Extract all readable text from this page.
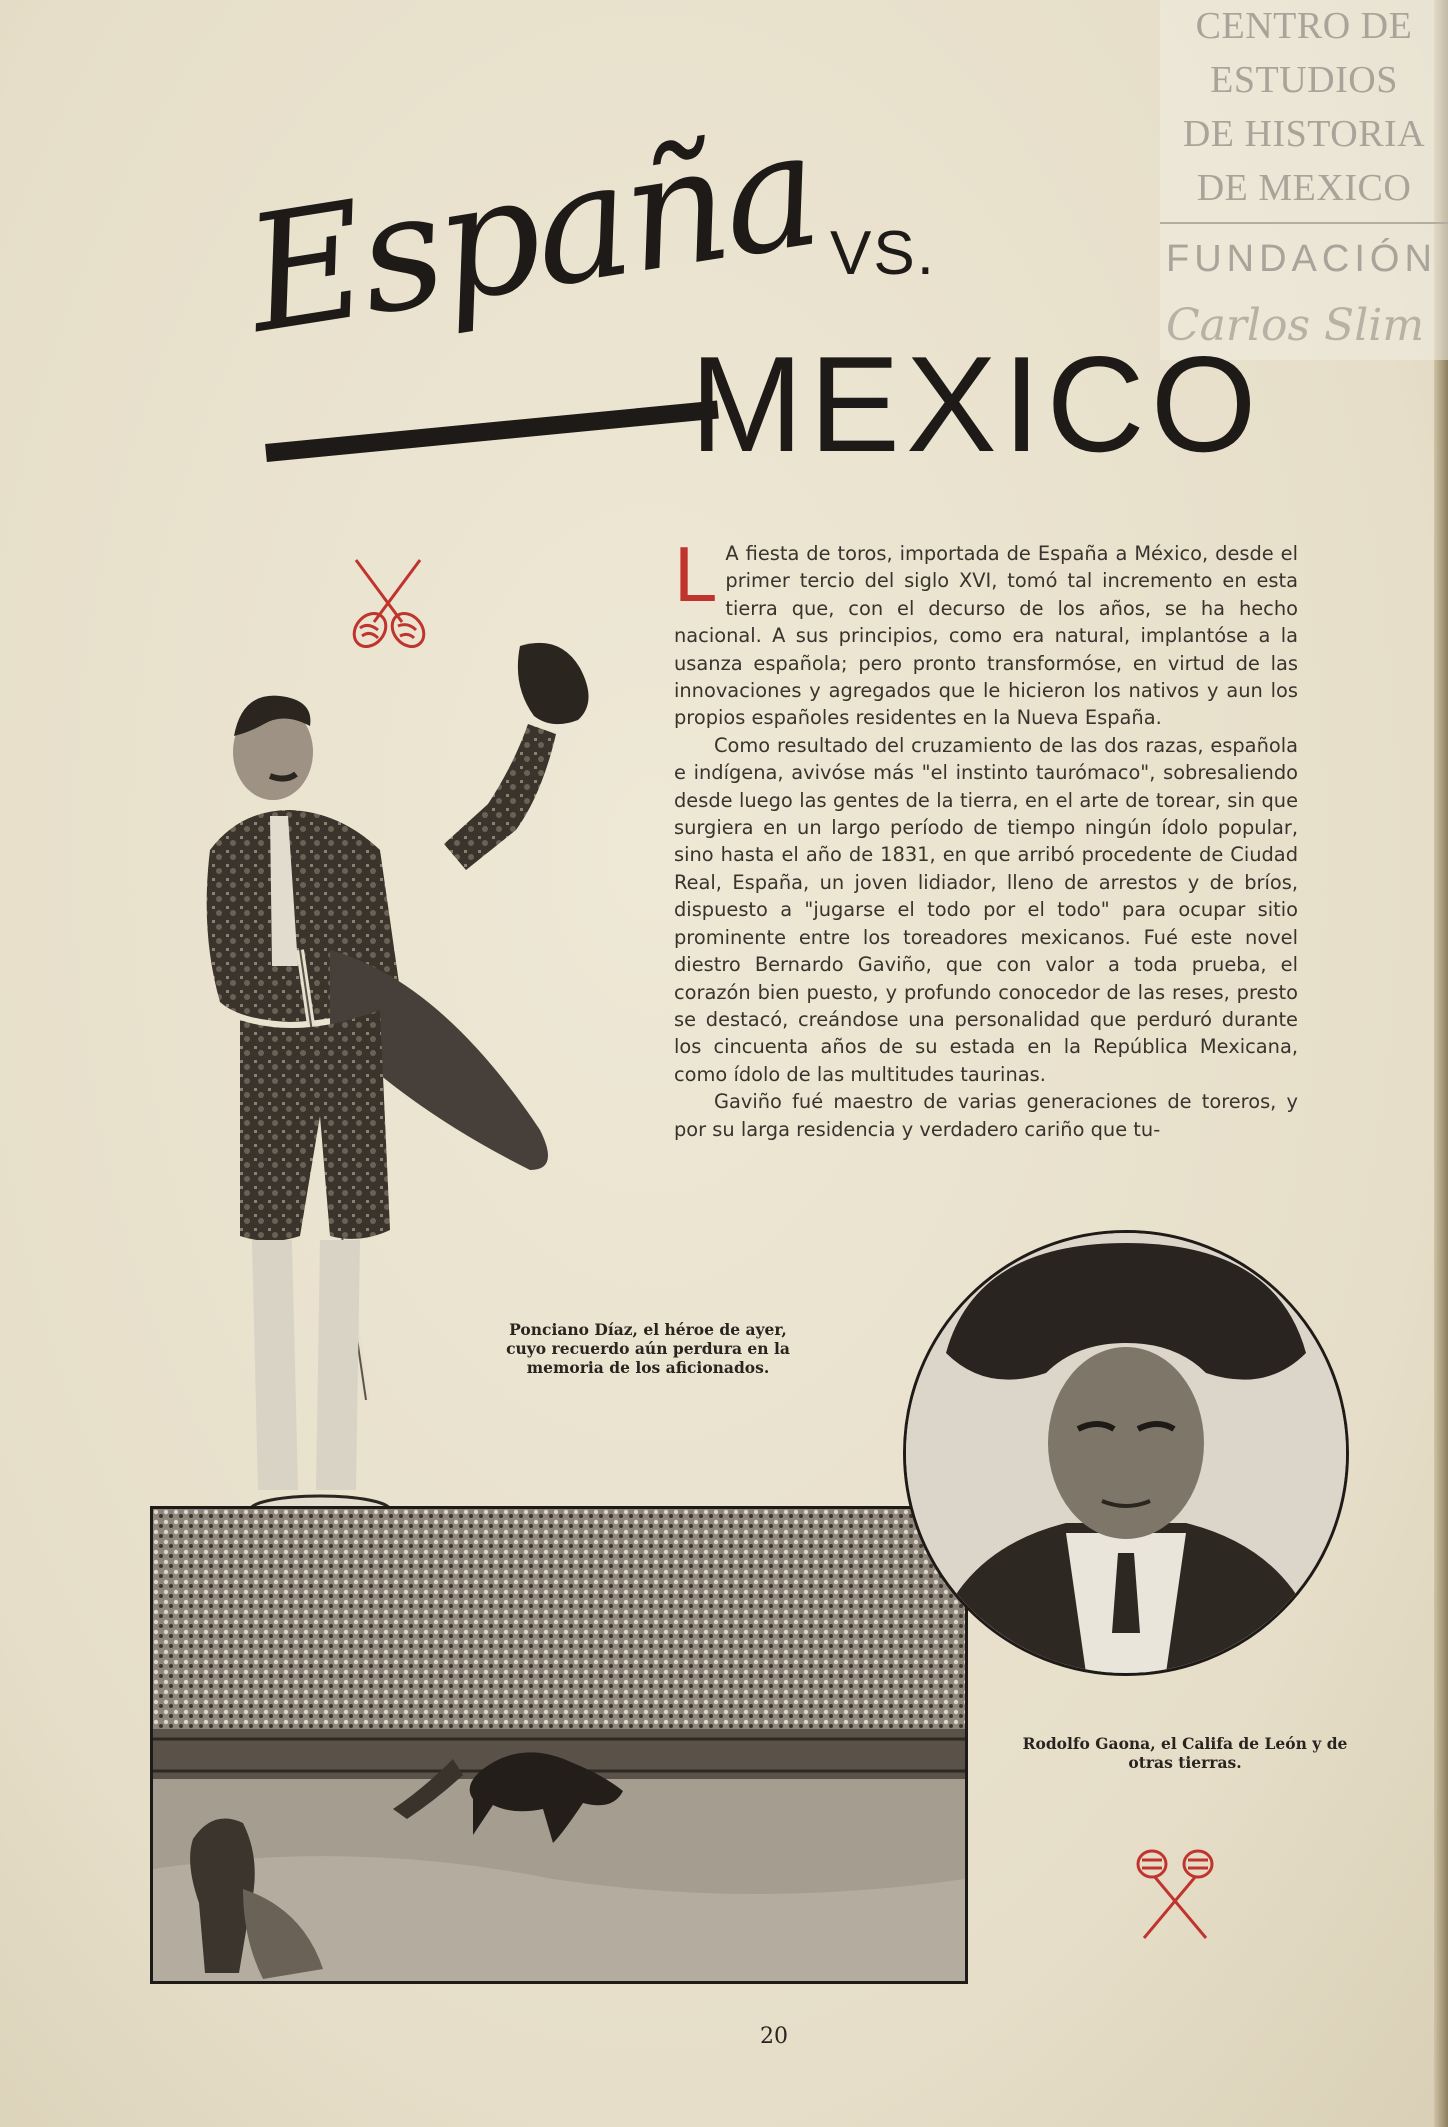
CENTRO DE
ESTUDIOS
DE HISTORIA
DE MEXICO
FUNDACIÓN
Carlos Slim
España VS.
MEXICO

L A fiesta de toros, importada de España a México, desde el primer tercio del siglo XVI, tomó tal incremento en esta tierra que, con el decurso de los años, se ha hecho nacional. A sus principios, como era natural, implantóse a la usanza española; pero pronto transformóse, en virtud de las innovaciones y agregados que le hicieron los nativos y aun los propios españoles residentes en la Nueva España.

Como resultado del cruzamiento de las dos razas, española e indígena, avivóse más "el instinto taurómaco", sobresaliendo desde luego las gentes de la tierra, en el arte de torear, sin que surgiera en un largo período de tiempo ningún ídolo popular, sino hasta el año de 1831, en que arribó procedente de Ciudad Real, España, un joven lidiador, lleno de arrestos y de bríos, dispuesto a "jugarse el todo por el todo" para ocupar sitio prominente entre los toreadores mexicanos. Fué este novel diestro Bernardo Gaviño, que con valor a toda prueba, el corazón bien puesto, y profundo conocedor de las reses, presto se destacó, creándose una personalidad que perduró durante los cincuenta años de su estada en la República Mexicana, como ídolo de las multitudes taurinas.

Gaviño fué maestro de varias generaciones de toreros, y por su larga residencia y verdadero cariño que tu-

Ponciano Díaz, el héroe de ayer, cuyo recuerdo aún perdura en la memoria de los aficionados.
Rodolfo Gaona, el Califa de León y de otras tierras.
20
